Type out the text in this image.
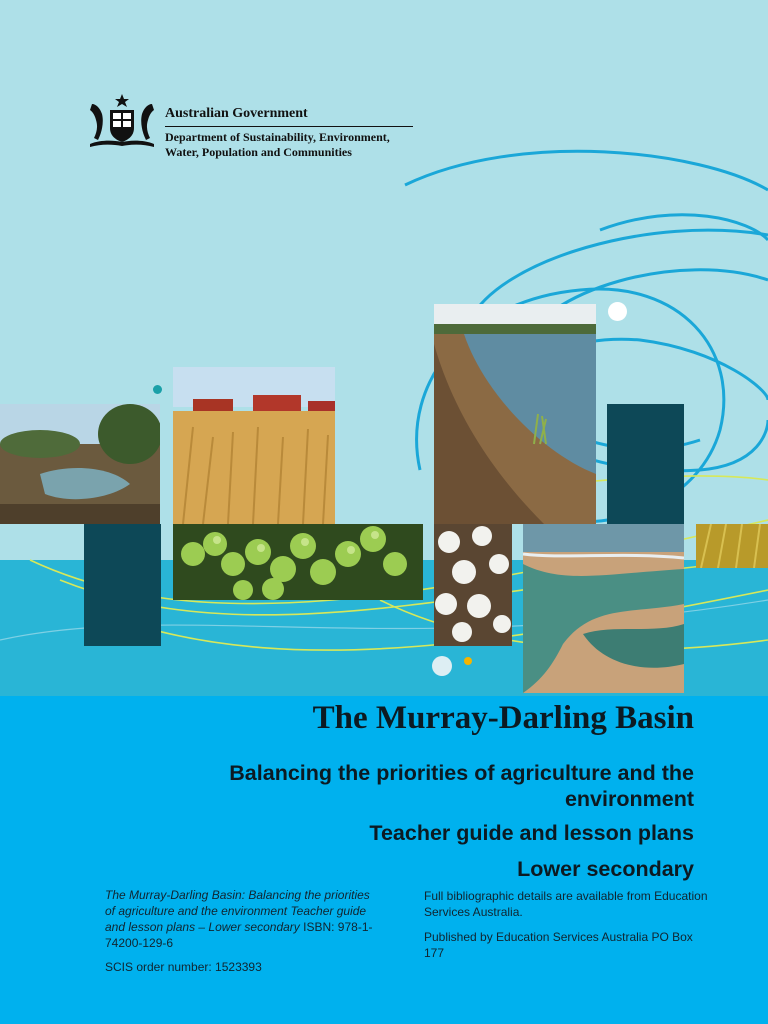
Australian Government
Department of Sustainability, Environment, Water, Population and Communities
The Murray-Darling Basin
Balancing the priorities of agriculture and the environment
Teacher guide and lesson plans
Lower secondary
The Murray-Darling Basin: Balancing the priorities of agriculture and the environment Teacher guide and lesson plans – Lower secondary ISBN: 978-1-74200-129-6
SCIS order number: 1523393
Full bibliographic details are available from Education Services Australia.
Published by Education Services Australia PO Box 177
